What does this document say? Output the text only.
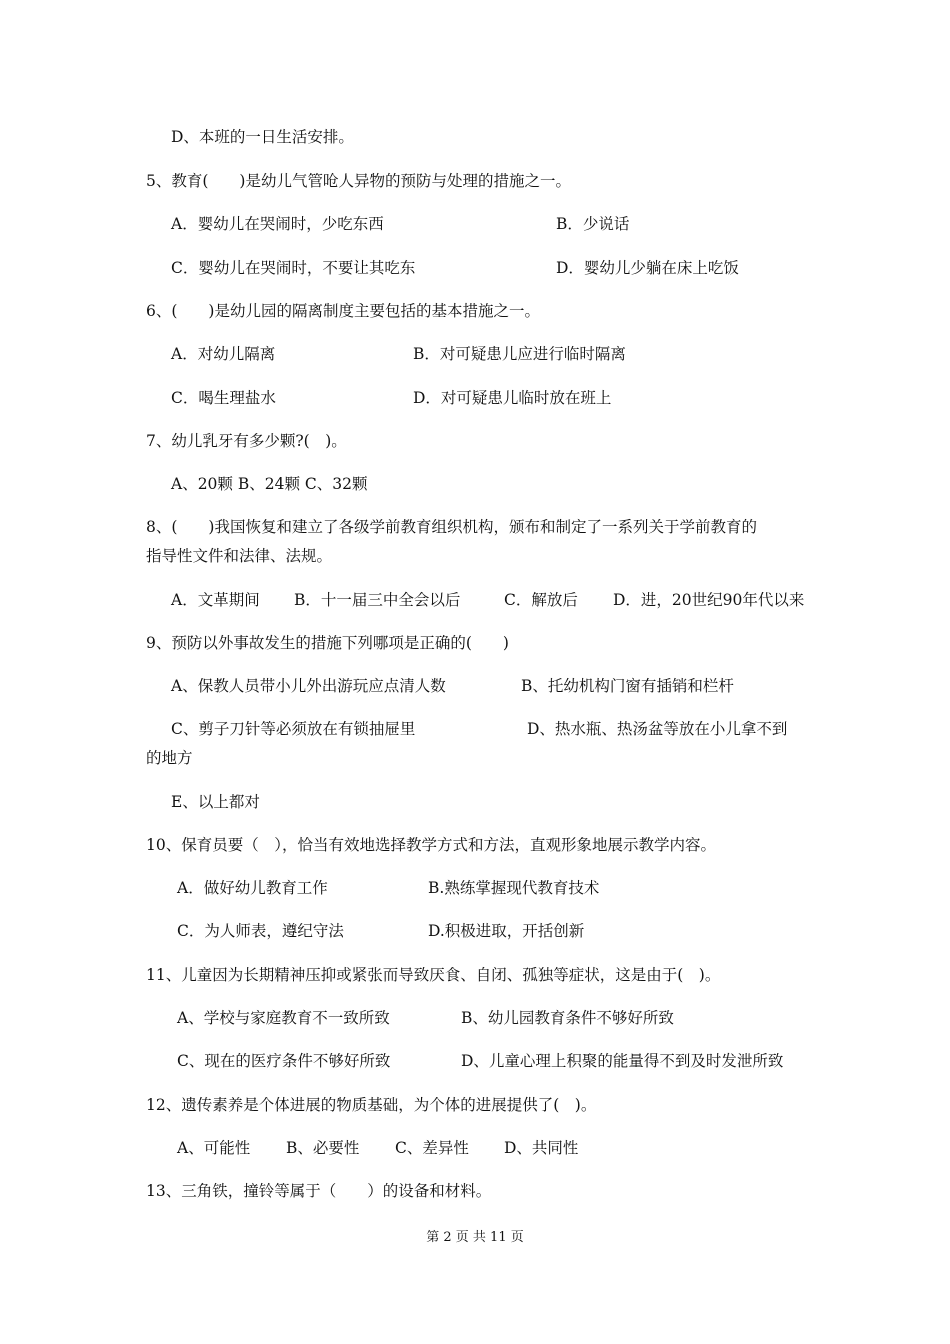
D、本班的一日生活安排。
5、教育(　　)是幼儿气管呛人异物的预防与处理的措施之一。
A．婴幼儿在哭闹时，少吃东西	B．少说话
C．婴幼儿在哭闹时，不要让其吃东	D．婴幼儿少躺在床上吃饭
6、(　　)是幼儿园的隔离制度主要包括的基本措施之一。
A．对幼儿隔离	B．对可疑患儿应进行临时隔离
C．喝生理盐水	D．对可疑患儿临时放在班上
7、幼儿乳牙有多少颗?(　)。
A、20颗 B、24颗 C、32颗
8、(　　)我国恢复和建立了各级学前教育组织机构，颁布和制定了一系列关于学前教育的
指导性文件和法律、法规。
A．文革期间 B．十一届三中全会以后	C．解放后 D．进，20世纪90年代以来
9、预防以外事故发生的措施下列哪项是正确的(　　)
A、保教人员带小儿外出游玩应点清人数	B、托幼机构门窗有插销和栏杆
C、剪子刀针等必须放在有锁抽屉里	D、热水瓶、热汤盆等放在小儿拿不到
的地方
E、以上都对
10、保育员要（　），恰当有效地选择教学方式和方法，直观形象地展示教学内容。
A．做好幼儿教育工作	B.熟练掌握现代教育技术
C．为人师表，遵纪守法	D.积极进取，开括创新
11、儿童因为长期精神压抑或紧张而导致厌食、自闭、孤独等症状，这是由于(　)。
A、学校与家庭教育不一致所致	B、幼儿园教育条件不够好所致
C、现在的医疗条件不够好所致	D、儿童心理上积聚的能量得不到及时发泄所致
12、遗传素养是个体进展的物质基础，为个体的进展提供了(　)。
A、可能性 B、必要性 C、差异性 D、共同性
13、三角铁，撞铃等属于（　　）的设备和材料。
第 2 页 共 11 页
